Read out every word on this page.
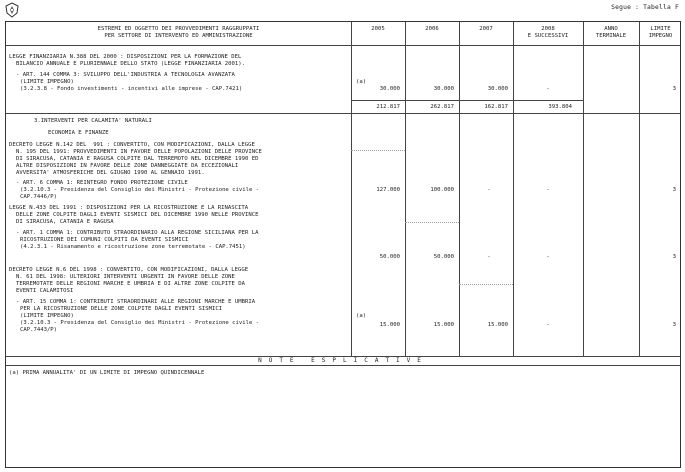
Segue : Tabella F
ESTREMI ED OGGETTO DEI PROVVEDIMENTI RAGGRUPPATI
PER SETTORE DI INTERVENTO ED AMMINISTRAZIONE
2005	2006	2007	2008
E SUCCESSIVI
ANNO
TERMINALE
LIMITE
IMPEGNO
LEGGE FINANZIARIA N.388 DEL 2000 : DISPOSIZIONI PER LA FORMAZIONE DEL
BILANCIO ANNUALE E PLURIENNALE DELLO STATO (LEGGE FINANZIARIA 2001).
- ART. 144 COMMA 3: SVILUPPO DELL'INDUSTRIA A TECNOLOGIA AVANZATA
(LIMITE IMPEGNO)
(3.2.3.8 - Fondo investimenti - incentivi alle imprese - CAP.7421)
(a)
30.000	30.000	30.000	-	3
212.817	262.817	162.817	393.804
3.INTERVENTI PER CALAMITA' NATURALI
ECONOMIA E FINANZE
DECRETO LEGGE N.142 DEL  991 : CONVERTITO, CON MODIFICAZIONI, DALLA LEGGE
N. 195 DEL 1991: PROVVEDIMENTI IN FAVORE DELLE POPOLAZIONI DELLE PROVINCE
DI SIRACUSA, CATANIA E RAGUSA COLPITE DAL TERREMOTO NEL DICEMBRE 1990 ED
ALTRE DISPOSIZIONI IN FAVORE DELLE ZONE DANNEGGIATE DA ECCEZIONALI
AVVERSITA' ATMOSFERICHE DEL GIUGNO 1990 AL GENNAIO 1991.
- ART. 6 COMMA 1: REINTEGRO FONDO PROTEZIONE CIVILE
(3.2.10.3 - Presidenza del Consiglio dei Ministri - Protezione civile -
CAP.7446/P)
127.000	100.000	-	-	3
LEGGE N.433 DEL 1991 : DISPOSIZIONI PER LA RICOSTRUZIONE E LA RINASCITA
DELLE ZONE COLPITE DAGLI EVENTI SISMICI DEL DICEMBRE 1990 NELLE PROVINCE
DI SIRACUSA, CATANIA E RAGUSA
- ART. 1 COMMA 1: CONTRIBUTO STRAORDINARIO ALLA REGIONE SICILIANA PER LA
RICOSTRUZIONE DEI COMUNI COLPITI DA EVENTI SISMICI
(4.2.3.1 - Risanamento e ricostruzione zone terremotate - CAP.7451)
50.000	50.000	-	-	3
DECRETO LEGGE N.6 DEL 1998 : CONVERTITO, CON MODIFICAZIONI, DALLA LEGGE
N. 61 DEL 1998: ULTERIORI INTERVENTI URGENTI IN FAVORE DELLE ZONE
TERREMOTATE DELLE REGIONI MARCHE E UMBRIA E DI ALTRE ZONE COLPITE DA
EVENTI CALAMITOSI
- ART. 15 COMMA 1: CONTRIBUTI STRAORDINARI ALLE REGIONI MARCHE E UMBRIA
PER LA RICOSTRUZIONE DELLE ZONE COLPITE DAGLI EVENTI SISMICI
(LIMITE IMPEGNO)
(3.2.10.3 - Presidenza del Consiglio dei Ministri - Protezione civile -
CAP.7443/P)
(a)
15.000	15.000	15.000	-	3
NOTE ESPLICATIVE
(a) PRIMA ANNUALITA' DI UN LIMITE DI IMPEGNO QUINDICENNALE
